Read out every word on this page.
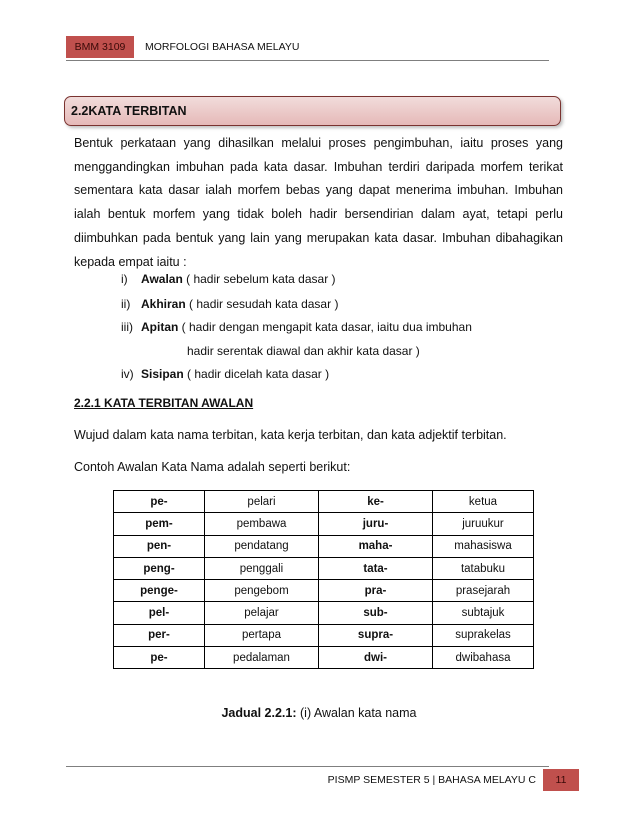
BMM 3109	MORFOLOGI BAHASA MELAYU
2.2KATA TERBITAN
Bentuk perkataan yang dihasilkan melalui proses pengimbuhan, iaitu proses yang
menggandingkan imbuhan pada kata dasar. Imbuhan terdiri daripada morfem terikat
sementara kata dasar ialah morfem bebas yang dapat menerima imbuhan. Imbuhan
ialah bentuk morfem yang tidak boleh hadir bersendirian dalam ayat, tetapi perlu
diimbuhkan pada bentuk yang lain yang merupakan kata dasar. Imbuhan dibahagikan
kepada empat iaitu :
i) Awalan ( hadir sebelum kata dasar )
ii) Akhiran ( hadir sesudah kata dasar )
iii) Apitan ( hadir dengan mengapit kata dasar, iaitu dua imbuhan
hadir serentak diawal dan akhir kata dasar )
iv) Sisipan ( hadir dicelah kata dasar )
2.2.1 KATA TERBITAN AWALAN
Wujud dalam kata nama terbitan, kata kerja terbitan, dan kata adjektif terbitan.
Contoh Awalan Kata Nama adalah seperti berikut:
pe-	pelari	ke-	ketua
pem-	pembawa	juru-	juruukur
pen-	pendatang	maha-	mahasiswa
peng-	penggali	tata-	tatabuku
penge-	pengebom	pra-	prasejarah
pel-	pelajar	sub-	subtajuk
per-	pertapa	supra-	suprakelas
pe-	pedalaman	dwi-	dwibahasa
Jadual 2.2.1: (i) Awalan kata nama
PISMP SEMESTER 5 | BAHASA MELAYU C	11
